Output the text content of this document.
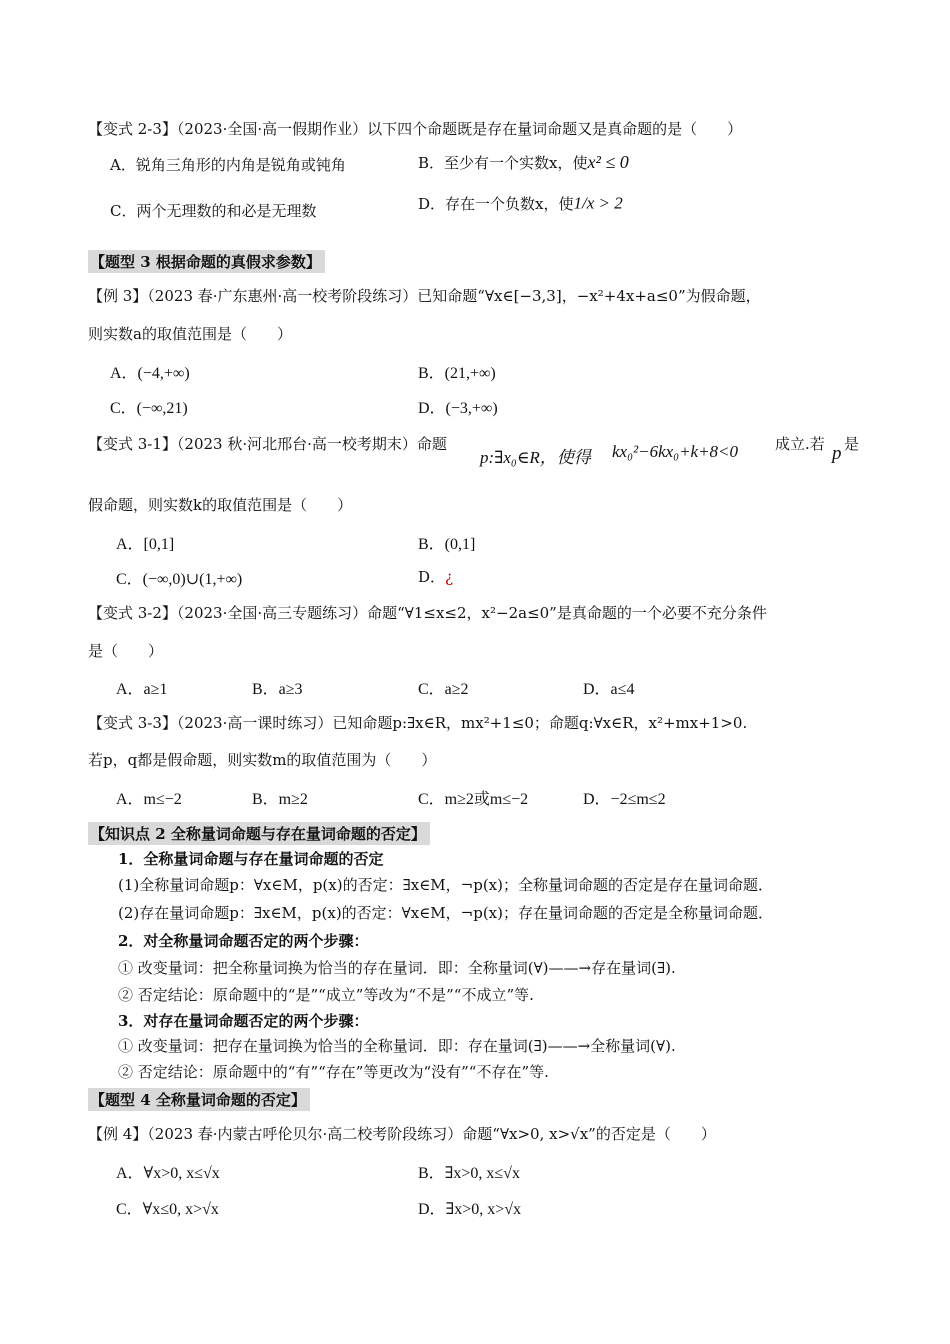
【变式 2-3】（2023·全国·高一假期作业）以下四个命题既是存在量词命题又是真命题的是（　　）
A．锐角三角形的内角是锐角或钝角	B．至少有一个实数x，使x² ≤ 0
C．两个无理数的和必是无理数	D．存在一个负数x，使1/x > 2
【题型 3 根据命题的真假求参数】
【例 3】（2023 春·广东惠州·高一校考阶段练习）已知命题“∀x∈[−3,3]，−x²+4x+a≤0”为假命题，
则实数a的取值范围是（　　）
A．(−4,+∞)	B．(21,+∞)
C．(−∞,21)	D．(−3,+∞)
【变式 3-1】（2023 秋·河北邢台·高一校考期末）命题
p:∃x₀∈R，使得 kx₀²−6kx₀+k+8<0 成立.若 p 是
假命题，则实数k的取值范围是（　　）
A．[0,1]	B．(0,1]
C．(−∞,0)∪(1,+∞)	D．¿
【变式 3-2】（2023·全国·高三专题练习）命题“∀1≤x≤2，x²−2a≤0”是真命题的一个必要不充分条件
是（　　）
A．a≥1	B．a≥3	C．a≥2	D．a≤4
【变式 3-3】（2023·高一课时练习）已知命题p:∃x∈R，mx²+1≤0；命题q:∀x∈R，x²+mx+1>0.
若p，q都是假命题，则实数m的取值范围为（　　）
A．m≤−2	B．m≥2	C．m≥2或m≤−2	D．−2≤m≤2
【知识点 2 全称量词命题与存在量词命题的否定】
1．全称量词命题与存在量词命题的否定
(1)全称量词命题p：∀x∈M，p(x)的否定：∃x∈M，¬p(x)；全称量词命题的否定是存在量词命题．
(2)存在量词命题p：∃x∈M，p(x)的否定：∀x∈M，¬p(x)；存在量词命题的否定是全称量词命题．
2．对全称量词命题否定的两个步骤：
① 改变量词：把全称量词换为恰当的存在量词．即：全称量词(∀)——→存在量词(∃).
② 否定结论：原命题中的“是”“成立”等改为“不是”“不成立”等.
3．对存在量词命题否定的两个步骤：
① 改变量词：把存在量词换为恰当的全称量词．即：存在量词(∃)——→全称量词(∀).
② 否定结论：原命题中的“有”“存在”等更改为“没有”“不存在”等.
【题型 4 全称量词命题的否定】
【例 4】（2023 春·内蒙古呼伦贝尔·高二校考阶段练习）命题“∀x>0, x>√x”的否定是（　　）
A．∀x>0, x≤√x	B．∃x>0, x≤√x
C．∀x≤0, x>√x	D．∃x>0, x>√x
